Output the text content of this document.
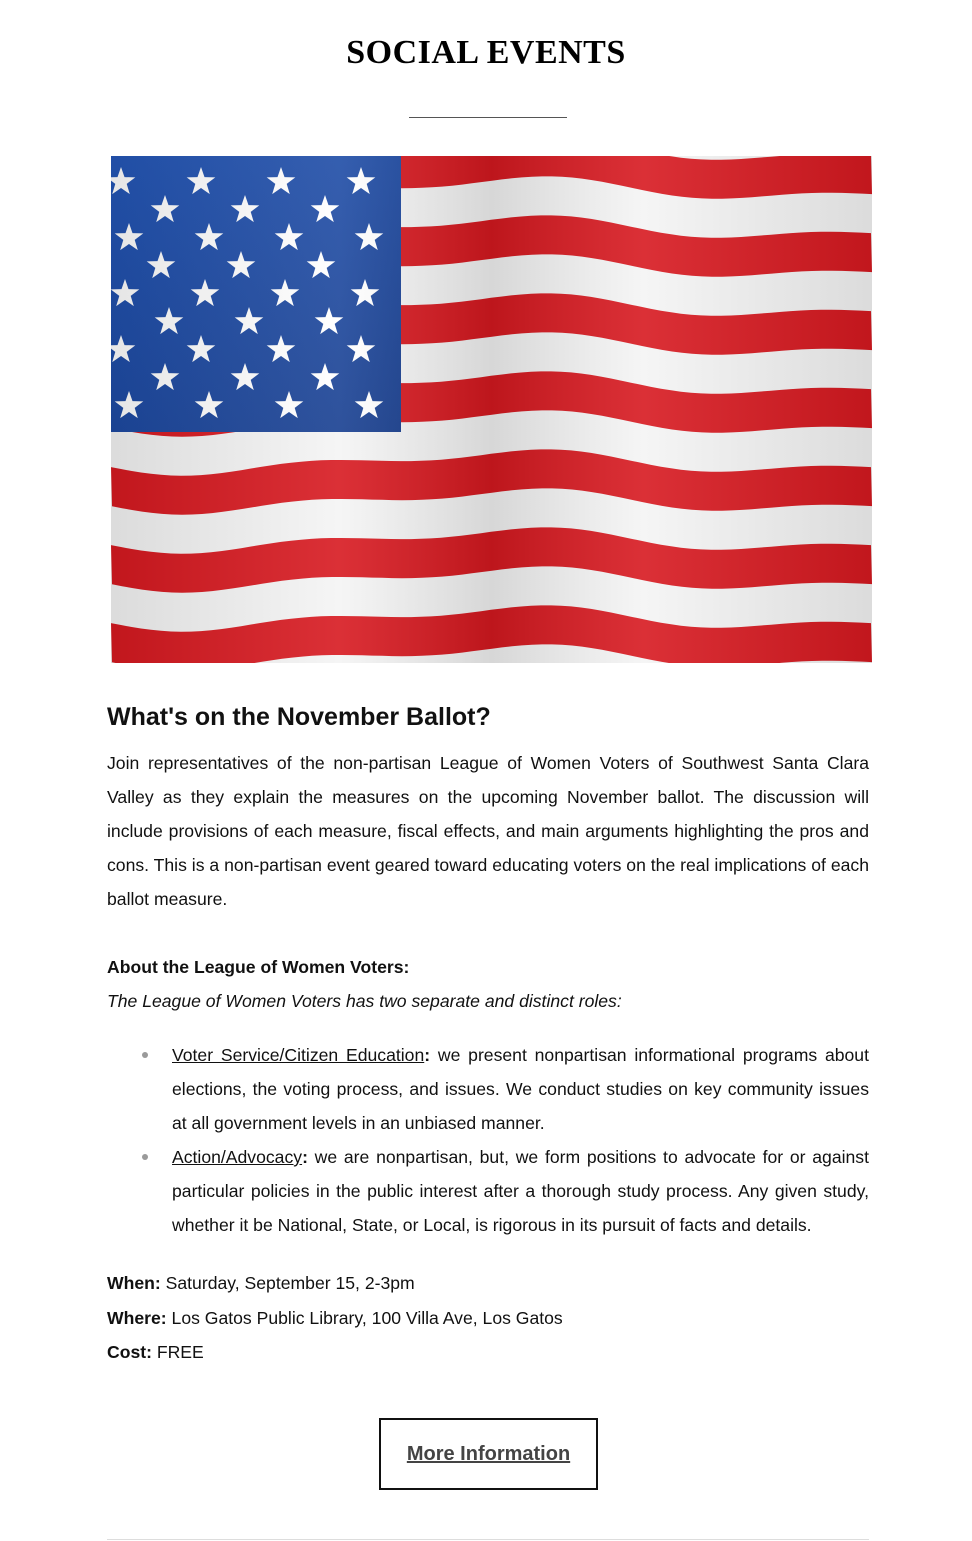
SOCIAL EVENTS
What's on the November Ballot?

Join representatives of the non-partisan League of Women Voters of Southwest Santa Clara Valley as they explain the measures on the upcoming November ballot. The discussion will include provisions of each measure, fiscal effects, and main arguments highlighting the pros and cons. This is a non-partisan event geared toward educating voters on the real implications of each ballot measure.

About the League of Women Voters:

The League of Women Voters has two separate and distinct roles:

Voter Service/Citizen Education: we present nonpartisan informational programs about elections, the voting process, and issues. We conduct studies on key community issues at all government levels in an unbiased manner.
Action/Advocacy: we are nonpartisan, but, we form positions to advocate for or against particular policies in the public interest after a thorough study process. Any given study, whether it be National, State, or Local, is rigorous in its pursuit of facts and details.

When: Saturday, September 15, 2-3pm

Where: Los Gatos Public Library, 100 Villa Ave, Los Gatos

Cost: FREE

More Information
